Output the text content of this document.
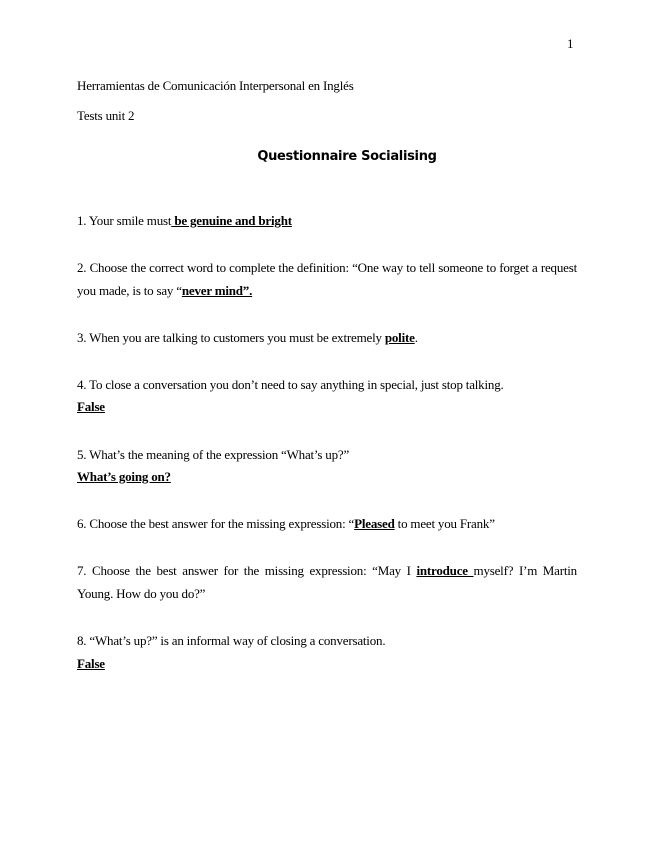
1
Herramientas de Comunicación Interpersonal en Inglés
Tests unit 2
Questionnaire Socialising
1. Your smile must be genuine and bright
2. Choose the correct word to complete the definition: “One way to tell someone to forget a request you made, is to say “never mind”.
3. When you are talking to customers you must be extremely polite.
4. To close a conversation you don’t need to say anything in special, just stop talking.
False
5. What’s the meaning of the expression “What’s up?”
What’s going on?
6. Choose the best answer for the missing expression: “Pleased to meet you Frank”
7. Choose the best answer for the missing expression: “May I introduce myself? I’m Martin Young. How do you do?”
8. “What’s up?” is an informal way of closing a conversation.
False
